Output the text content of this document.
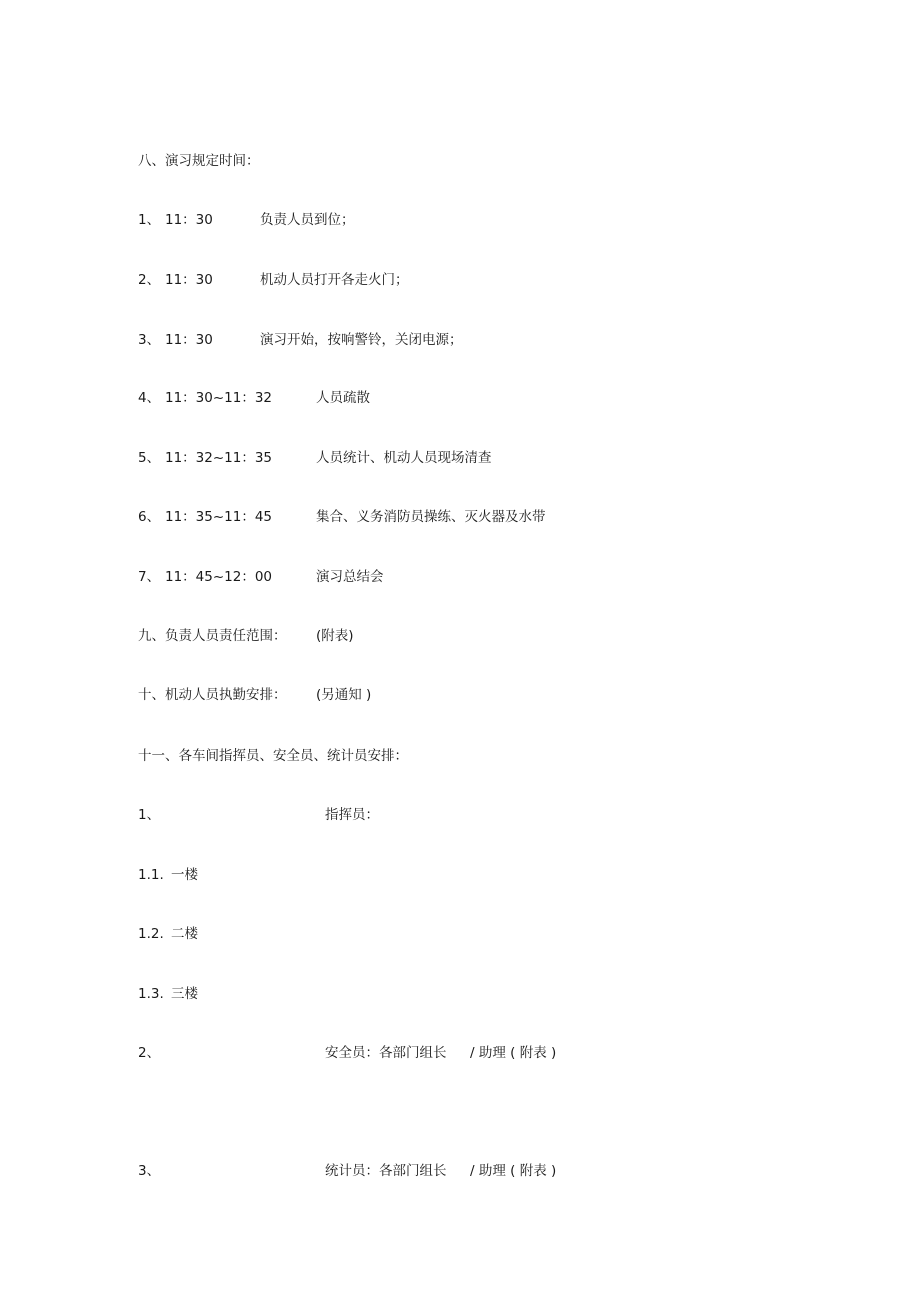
八、演习规定时间：
1、 11：30	负责人员到位；
2、 11：30	机动人员打开各走火门；
3、 11：30	演习开始，按响警铃，关闭电源；
4、 11：30~11：32	人员疏散
5、 11：32~11：35	人员统计、机动人员现场清查
6、 11：35~11：45	集合、义务消防员操练、灭火器及水带
7、 11：45~12：00	演习总结会
九、负责人员责任范围： (附表)
十、机动人员执勤安排： (另通知 )
十一、各车间指挥员、安全员、统计员安排：
1、	指挥员：
1.1. 一楼
1.2. 二楼
1.3. 三楼
2、	安全员：各部门组长 / 助理 ( 附表 )
3、	统计员：各部门组长 / 助理 ( 附表 )
